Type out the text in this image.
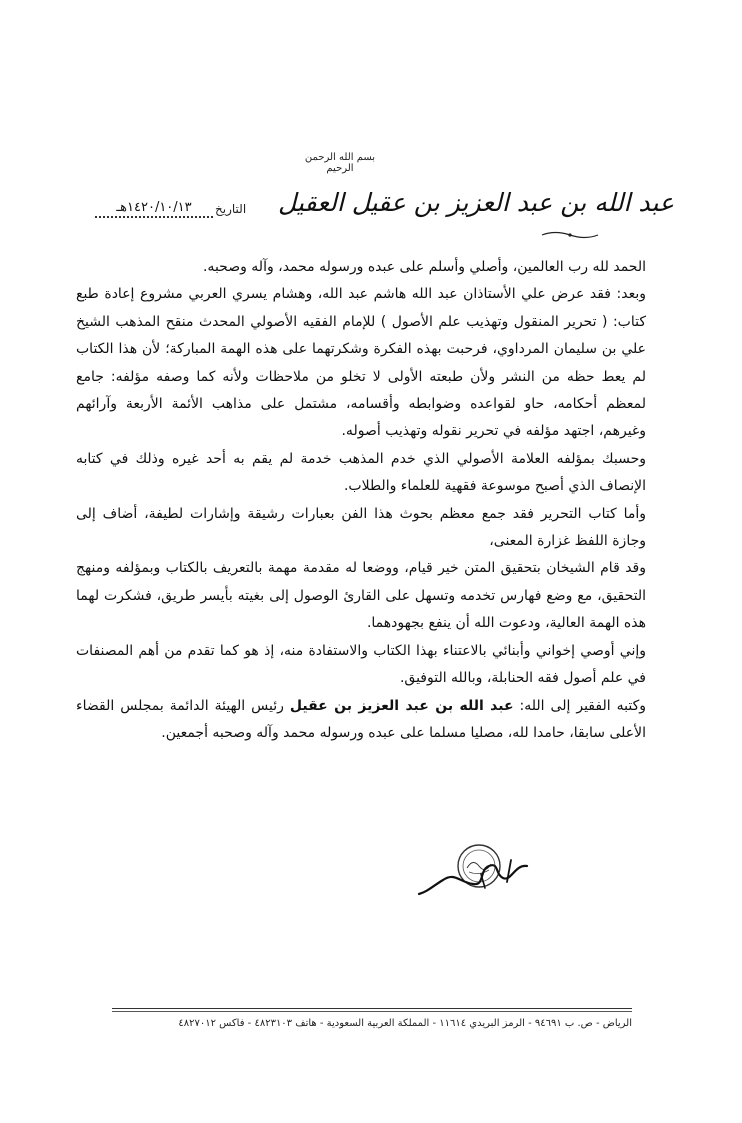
بسم الله الرحمن الرحيم
عبد الله بن عبد العزيز بن عقيل العقيل
التاريخ
١٤٢٠/١٠/١٣هـ

الحمد لله رب العالمين، وأصلي وأسلم على عبده ورسوله محمد، وآله وصحبه.

وبعد: فقد عرض علي الأستاذان عبد الله هاشم عبد الله، وهشام يسري العربي مشروع إعادة طبع كتاب: ( تحرير المنقول وتهذيب علم الأصول ) للإمام الفقيه الأصولي المحدث منقح المذهب الشيخ علي بن سليمان المرداوي، فرحبت بهذه الفكرة وشكرتهما على هذه الهمة المباركة؛ لأن هذا الكتاب لم يعط حظه من النشر ولأن طبعته الأولى لا تخلو من ملاحظات ولأنه كما وصفه مؤلفه: جامع لمعظم أحكامه، حاو لقواعده وضوابطه وأقسامه، مشتمل على مذاهب الأئمة الأربعة وآرائهم وغيرهم، اجتهد مؤلفه في تحرير نقوله وتهذيب أصوله.

وحسبك بمؤلفه العلامة الأصولي الذي خدم المذهب خدمة لم يقم به أحد غيره وذلك في كتابه الإنصاف الذي أصبح موسوعة فقهية للعلماء والطلاب.

وأما كتاب التحرير فقد جمع معظم بحوث هذا الفن بعبارات رشيقة وإشارات لطيفة، أضاف إلى وجازة اللفظ غزارة المعنى،

وقد قام الشيخان بتحقيق المتن خير قيام، ووضعا له مقدمة مهمة بالتعريف بالكتاب وبمؤلفه ومنهج التحقيق، مع وضع فهارس تخدمه وتسهل على القارئ الوصول إلى بغيته بأيسر طريق، فشكرت لهما هذه الهمة العالية، ودعوت الله أن ينفع بجهودهما.

وإني أوصي إخواني وأبنائي بالاعتناء بهذا الكتاب والاستفادة منه، إذ هو كما تقدم من أهم المصنفات في علم أصول فقه الحنابلة، وبالله التوفيق.

وكتبه الفقير إلى الله: عبد الله بن عبد العزيز بن عقيل رئيس الهيئة الدائمة بمجلس القضاء الأعلى سابقا، حامدا لله، مصليا مسلما على عبده ورسوله محمد وآله وصحبه أجمعين.

الرياض - ص. ب ٩٤٦٩١ - الرمز البريدي ١١٦١٤ - المملكة العربية السعودية - هاتف ٤٨٢٣١٠٣ - فاكس ٤٨٢٧٠١٢
